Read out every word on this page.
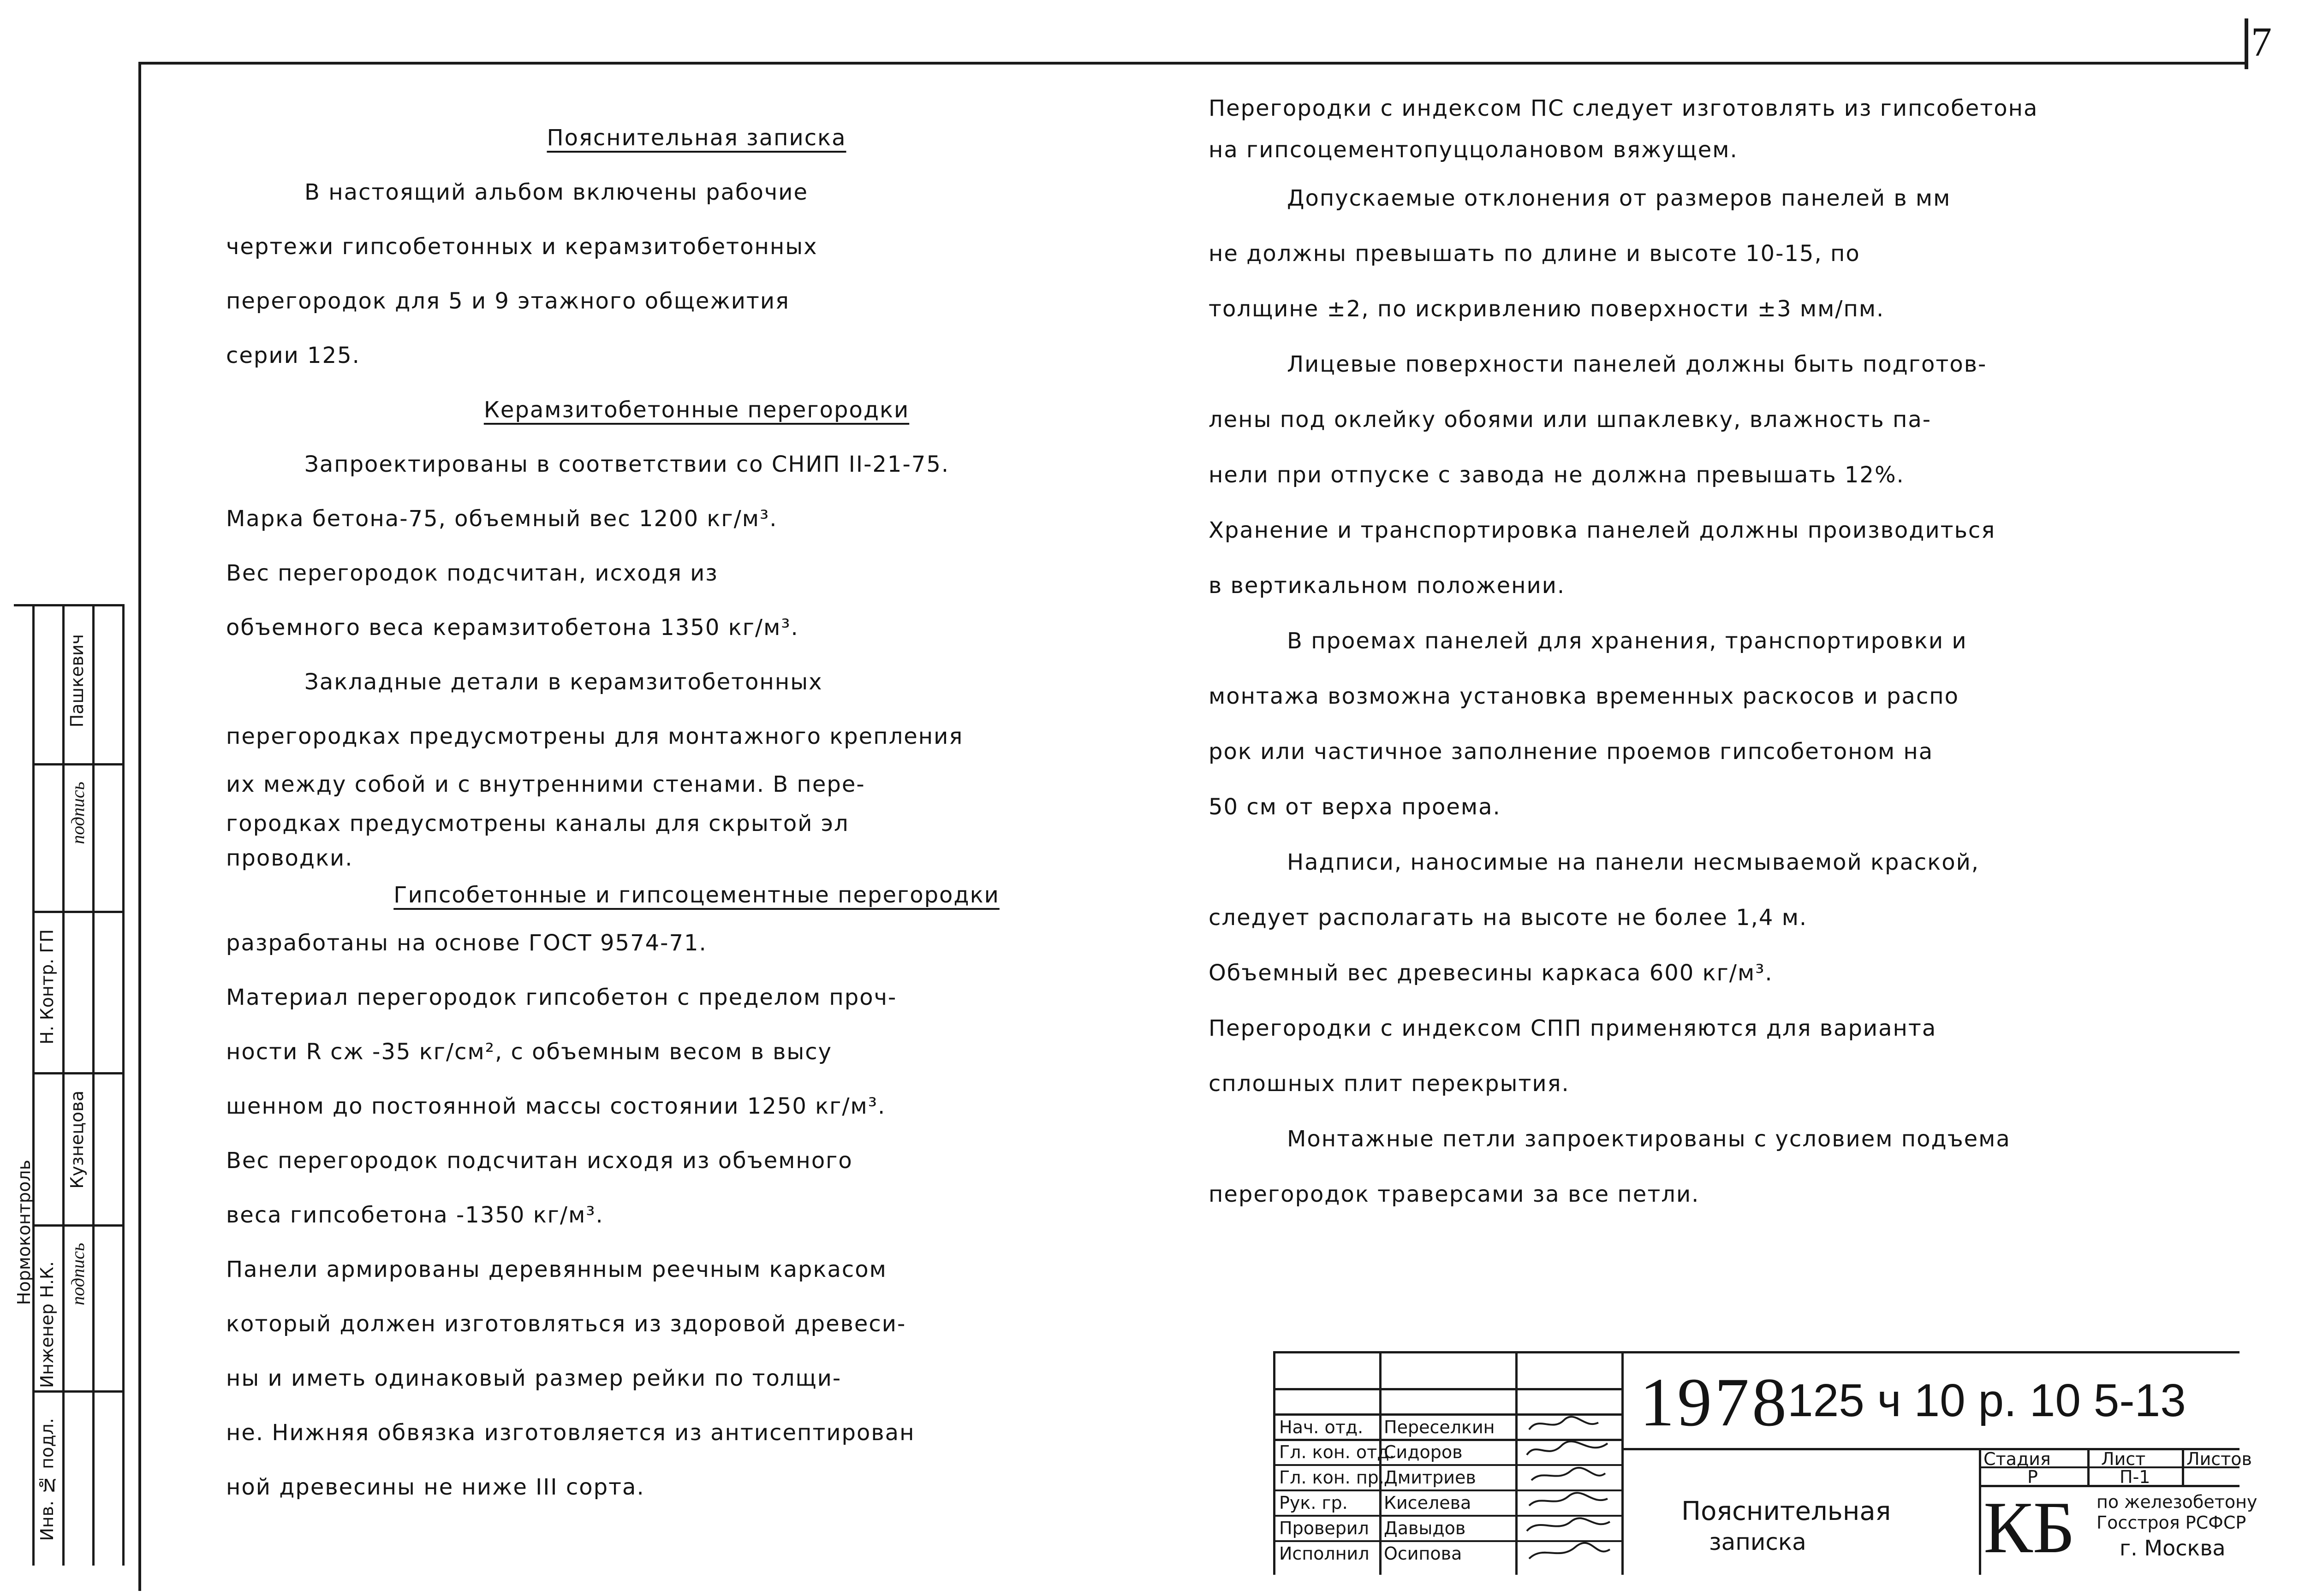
7

Пояснительная записка

В настоящий альбом включены рабочие

чертежи гипсобетонных и керамзитобетонных

перегородок для 5 и 9 этажного общежития

серии 125.

Керамзитобетонные перегородки

Запроектированы в соответствии со СНИП II-21-75.

Марка бетона-75, объемный вес 1200 кг/м³.

Вес перегородок подсчитан, исходя из

объемного веса керамзитобетона 1350 кг/м³.

Закладные детали в керамзитобетонных

перегородках предусмотрены для монтажного крепления

их между собой и с внутренними стенами. В пере-

городках предусмотрены каналы для скрытой эл

проводки.

Гипсобетонные и гипсоцементные перегородки

разработаны на основе ГОСТ 9574-71.

Материал перегородок гипсобетон с пределом проч-

ности R сж -35 кг/см², с объемным весом в высу

шенном до постоянной массы состоянии 1250 кг/м³.

Вес перегородок подсчитан исходя из объемного

веса гипсобетона -1350 кг/м³.

Панели армированы деревянным реечным каркасом

который должен изготовляться из здоровой древеси-

ны и иметь одинаковый размер рейки по толщи-

не. Нижняя обвязка изготовляется из антисептирован

ной древесины не ниже III сорта.

Перегородки с индексом ПС следует изготовлять из гипсобетона

на гипсоцементопуццолановом вяжущем.

Допускаемые отклонения от размеров панелей в мм

не должны превышать по длине и высоте 10-15, по

толщине ±2, по искривлению поверхности ±3 мм/пм.

Лицевые поверхности панелей должны быть подготов-

лены под оклейку обоями или шпаклевку, влажность па-

нели при отпуске с завода не должна превышать 12%.

Хранение и транспортировка панелей должны производиться

в вертикальном положении.

В проемах панелей для хранения, транспортировки и

монтажа возможна установка временных раскосов и распо

рок или частичное заполнение проемов гипсобетоном на

50 см от верха проема.

Надписи, наносимые на панели несмываемой краской,

следует располагать на высоте не более 1,4 м.

Объемный вес древесины каркаса 600 кг/м³.

Перегородки с индексом СПП применяются для варианта

сплошных плит перекрытия.

Монтажные петли запроектированы с условием подъема

перегородок траверсами за все петли.

Инв. № подл.
Инженер Н.К.
Кузнецова
Н. Контр. ГП
Нормоконтроль
Пашкевич
подпись
подпись
1978
125 ч 10 р. 10 5-13
Нач. отд.
Гл. кон. отд.
Гл. кон. пр.
Рук. гр.
Проверил
Исполнил
Переселкин
Сидоров
Дмитриев
Киселева
Давыдов
Осипова
Пояснительная
записка
Стадия	Лист Листов
Р	П-1
КБ по железобетону
Госстроя РСФСР
г. Москва
